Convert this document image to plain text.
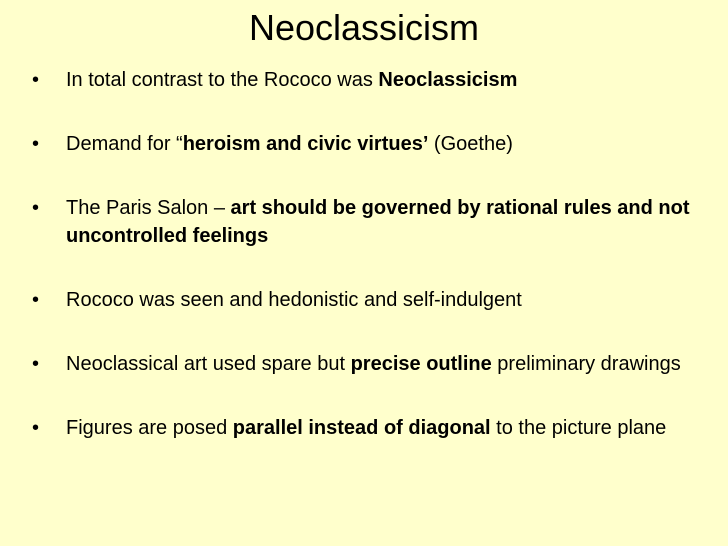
Neoclassicism
•	In total contrast to the Rococo was Neoclassicism
•	Demand for “heroism and civic virtues’ (Goethe)
•	The Paris Salon – art should be governed by rational rules and not uncontrolled feelings
•	Rococo was seen and hedonistic and self-indulgent
•	Neoclassical art used spare but precise outline preliminary drawings
•	Figures are posed parallel instead of diagonal to the picture plane
